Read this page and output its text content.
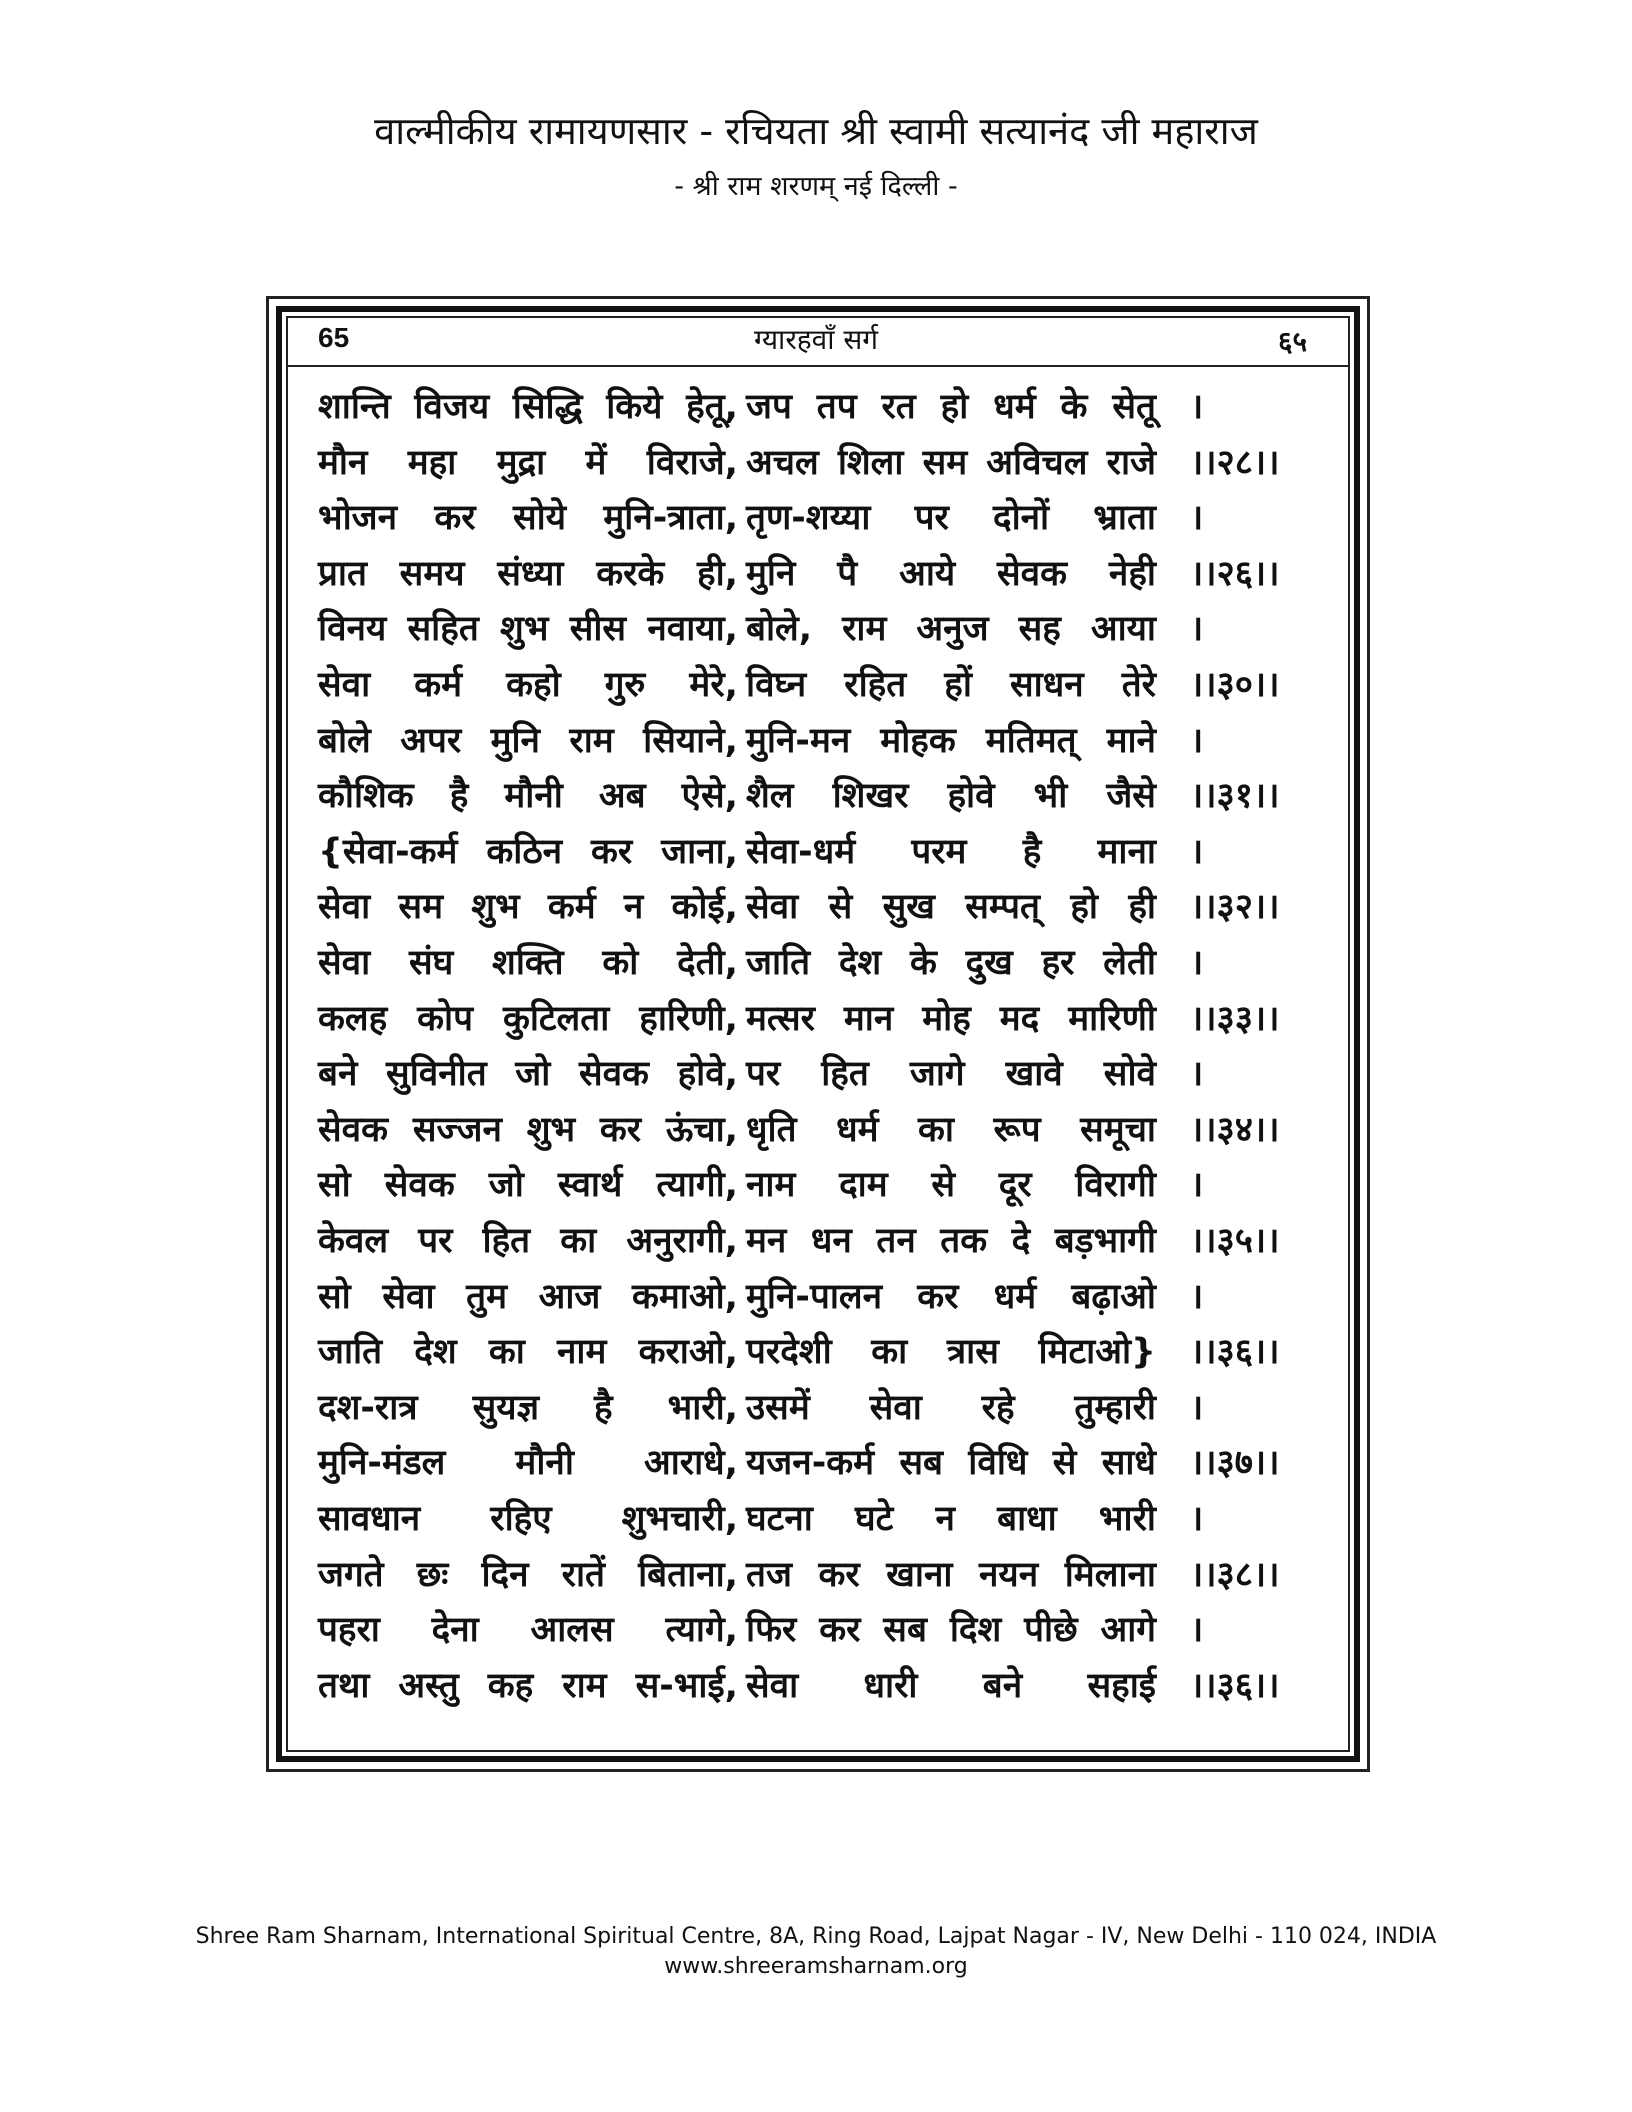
वाल्मीकीय रामायणसार - रचियता श्री स्वामी सत्यानंद जी महाराज
- श्री राम शरणम् नई दिल्ली -
65	ग्यारहवाँ सर्ग	६५
शान्ति विजय सिद्धि किये हेतू, जप तप रत हो धर्म के सेतू ।
मौन महा मुद्रा में विराजे, अचल शिला सम अविचल राजे ।।२८।।
भोजन कर सोये मुनि-त्राता, तृण-शय्या पर दोनों भ्राता ।
प्रात समय संध्या करके ही, मुनि पै आये सेवक नेही ।।२६।।
विनय सहित शुभ सीस नवाया, बोले, राम अनुज सह आया ।
सेवा कर्म कहो गुरु मेरे, विघ्न रहित हों साधन तेरे ।।३०।।
बोले अपर मुनि राम सियाने, मुनि-मन मोहक मतिमत् माने ।
कौशिक है मौनी अब ऐसे, शैल शिखर होवे भी जैसे ।।३१।।
{सेवा-कर्म कठिन कर जाना, सेवा-धर्म परम है माना ।
सेवा सम शुभ कर्म न कोई, सेवा से सुख सम्पत् हो ही ।।३२।।
सेवा संघ शक्ति को देती, जाति देश के दुख हर लेती ।
कलह कोप कुटिलता हारिणी, मत्सर मान मोह मद मारिणी ।।३३।।
बने सुविनीत जो सेवक होवे, पर हित जागे खावे सोवे ।
सेवक सज्जन शुभ कर ऊंचा, धृति धर्म का रूप समूचा ।।३४।।
सो सेवक जो स्वार्थ त्यागी, नाम दाम से दूर विरागी ।
केवल पर हित का अनुरागी, मन धन तन तक दे बड़भागी ।।३५।।
सो सेवा तुम आज कमाओ, मुनि-पालन कर धर्म बढ़ाओ ।
जाति देश का नाम कराओ, परदेशी का त्रास मिटाओ} ।।३६।।
दश-रात्र सुयज्ञ है भारी, उसमें सेवा रहे तुम्हारी ।
मुनि-मंडल मौनी आराधे, यजन-कर्म सब विधि से साधे ।।३७।।
सावधान रहिए शुभचारी, घटना घटे न बाधा भारी ।
जगते छः दिन रातें बिताना, तज कर खाना नयन मिलाना ।।३८।।
पहरा देना आलस त्यागे, फिर कर सब दिश पीछे आगे ।
तथा अस्तु कह राम स-भाई, सेवा धारी बने सहाई ।।३६।।
Shree Ram Sharnam, International Spiritual Centre, 8A, Ring Road, Lajpat Nagar - IV, New Delhi - 110 024, INDIA
www.shreeramsharnam.org
